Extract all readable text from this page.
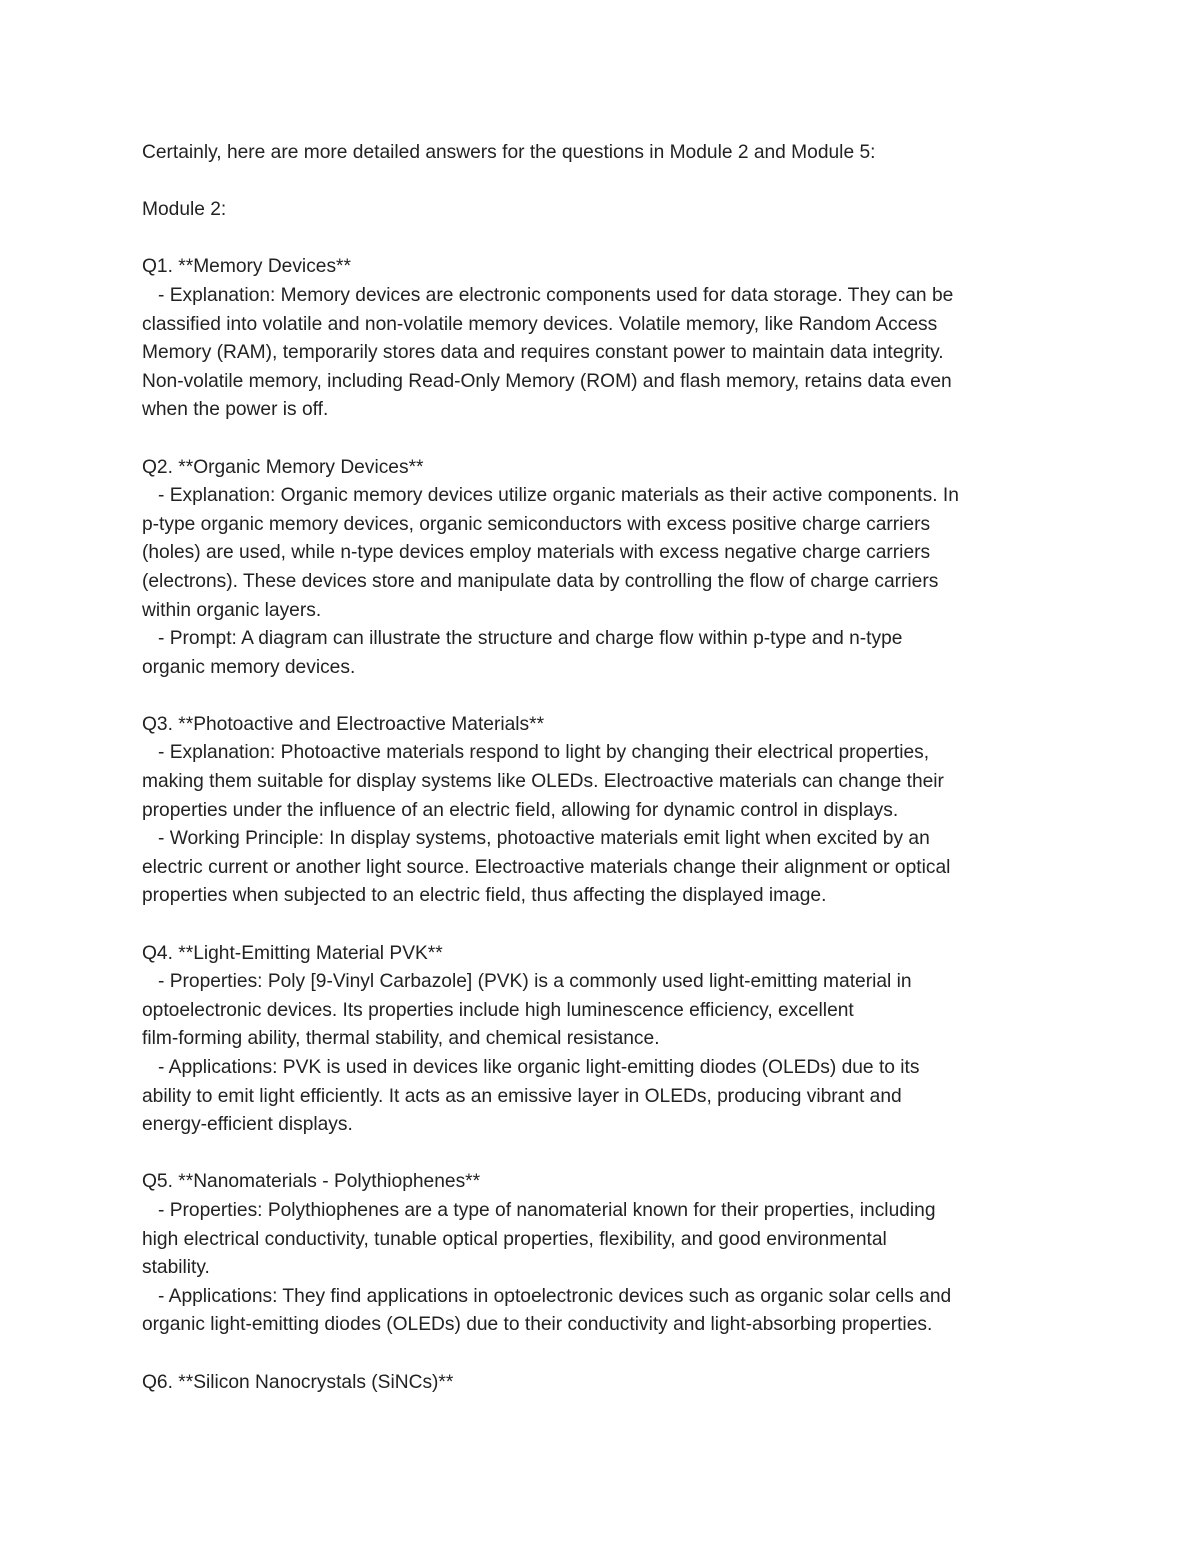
Certainly, here are more detailed answers for the questions in Module 2 and Module 5:
Module 2:
Q1. **Memory Devices**
- Explanation: Memory devices are electronic components used for data storage. They can be
classified into volatile and non-volatile memory devices. Volatile memory, like Random Access
Memory (RAM), temporarily stores data and requires constant power to maintain data integrity.
Non-volatile memory, including Read-Only Memory (ROM) and flash memory, retains data even
when the power is off.
Q2. **Organic Memory Devices**
- Explanation: Organic memory devices utilize organic materials as their active components. In
p-type organic memory devices, organic semiconductors with excess positive charge carriers
(holes) are used, while n-type devices employ materials with excess negative charge carriers
(electrons). These devices store and manipulate data by controlling the flow of charge carriers
within organic layers.
- Prompt: A diagram can illustrate the structure and charge flow within p-type and n-type
organic memory devices.
Q3. **Photoactive and Electroactive Materials**
- Explanation: Photoactive materials respond to light by changing their electrical properties,
making them suitable for display systems like OLEDs. Electroactive materials can change their
properties under the influence of an electric field, allowing for dynamic control in displays.
- Working Principle: In display systems, photoactive materials emit light when excited by an
electric current or another light source. Electroactive materials change their alignment or optical
properties when subjected to an electric field, thus affecting the displayed image.
Q4. **Light-Emitting Material PVK**
- Properties: Poly [9-Vinyl Carbazole] (PVK) is a commonly used light-emitting material in
optoelectronic devices. Its properties include high luminescence efficiency, excellent
film-forming ability, thermal stability, and chemical resistance.
- Applications: PVK is used in devices like organic light-emitting diodes (OLEDs) due to its
ability to emit light efficiently. It acts as an emissive layer in OLEDs, producing vibrant and
energy-efficient displays.
Q5. **Nanomaterials - Polythiophenes**
- Properties: Polythiophenes are a type of nanomaterial known for their properties, including
high electrical conductivity, tunable optical properties, flexibility, and good environmental
stability.
- Applications: They find applications in optoelectronic devices such as organic solar cells and
organic light-emitting diodes (OLEDs) due to their conductivity and light-absorbing properties.
Q6. **Silicon Nanocrystals (SiNCs)**
